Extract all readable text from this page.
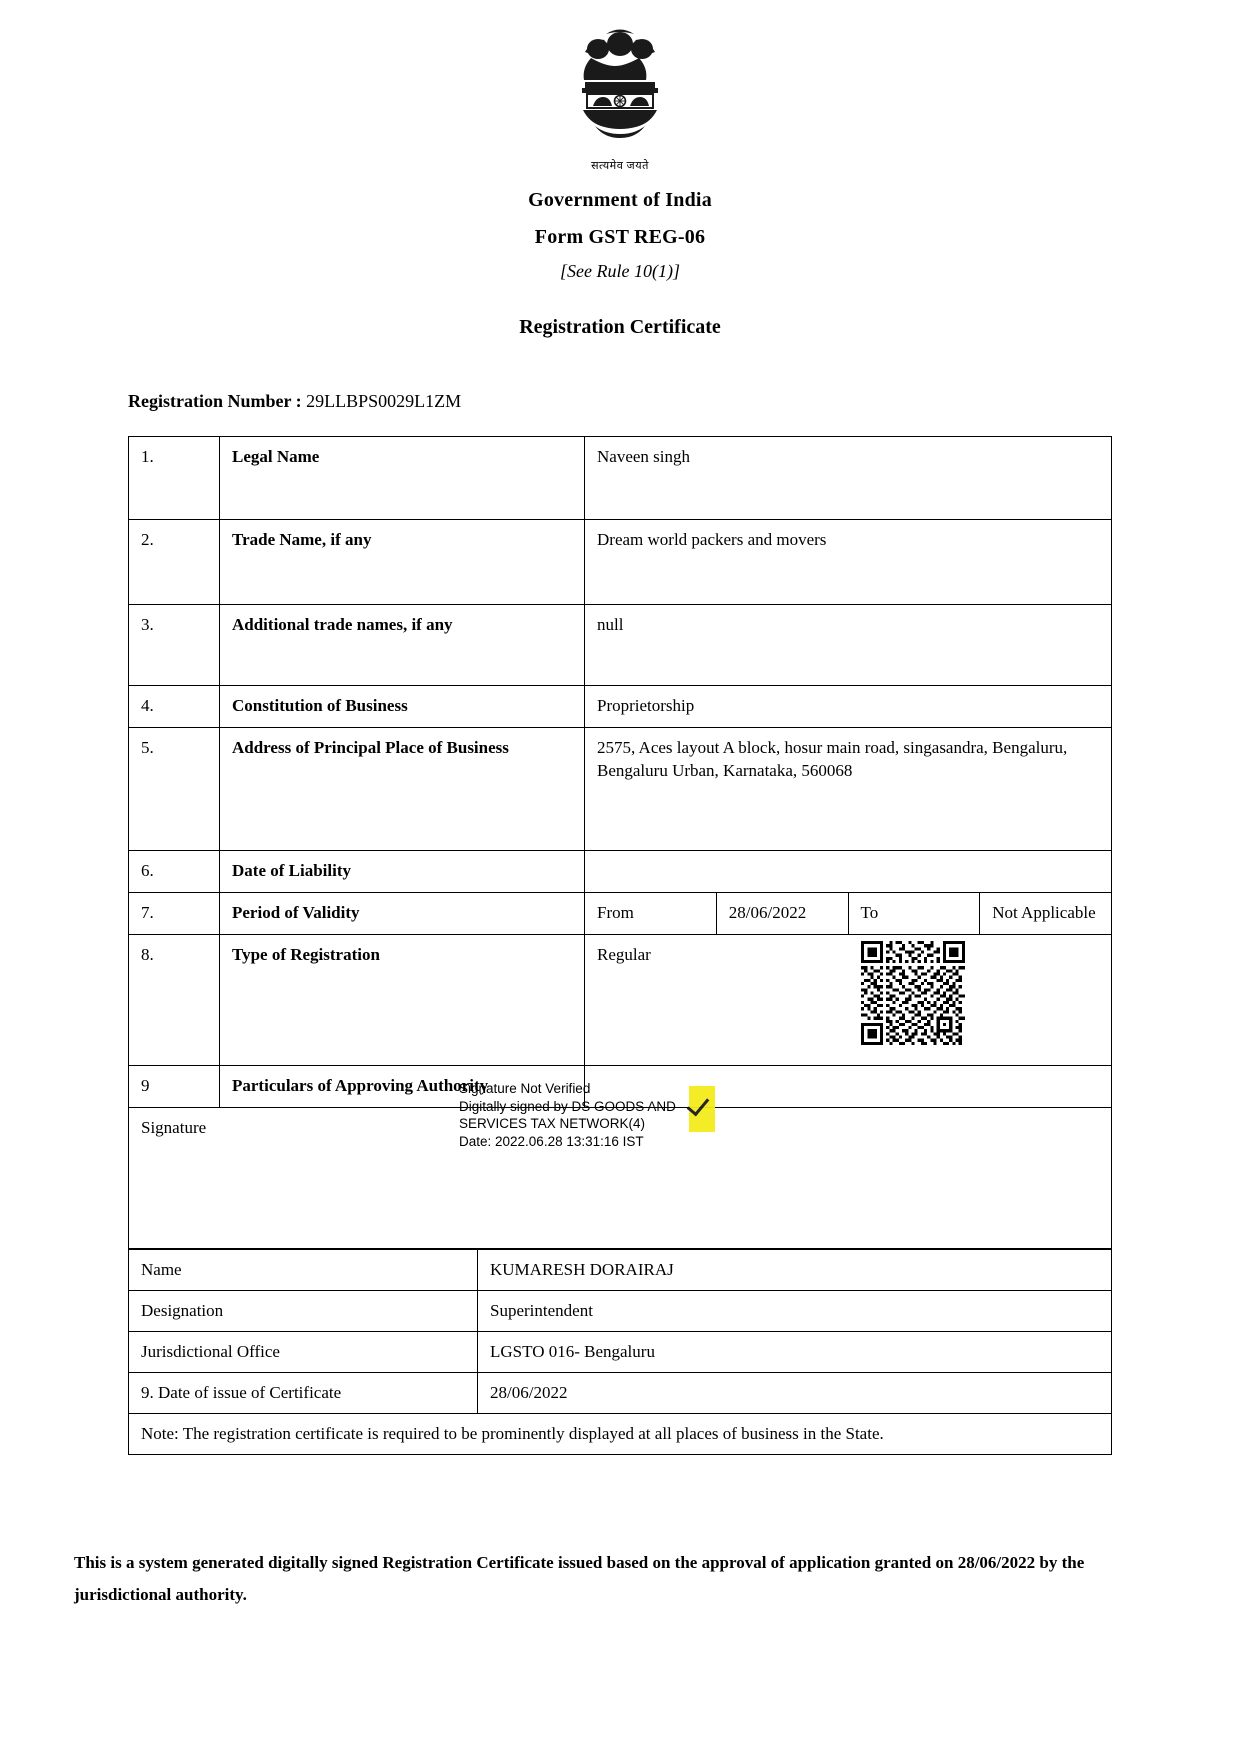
सत्यमेव जयते
Government of India
Form GST REG-06
[See Rule 10(1)]
Registration Certificate
Registration Number : 29LLBPS0029L1ZM
1.	Legal Name	Naveen singh			
2.	Trade Name, if any	Dream world packers and movers			
3.	Additional trade names, if any	null			
4.	Constitution of Business	Proprietorship			
5.	Address of Principal Place of Business	2575, Aces layout A block, hosur main road, singasandra, Bengaluru, Bengaluru Urban, Karnataka, 560068			
6.	Date of Liability				
7.	Period of Validity	From	28/06/2022	To	Not Applicable
8.	Type of Registration	Regular			

9	Particulars of Approving Authority				
Signature
Signature Not Verified
Digitally signed by DS GOODS AND
SERVICES TAX NETWORK(4)
Date: 2022.06.28 13:31:16 IST					
Name	KUMARESH DORAIRAJ
Designation	Superintendent
Jurisdictional Office	LGSTO 016- Bengaluru
9. Date of issue of Certificate	28/06/2022
Note: The registration certificate is required to be prominently displayed at all places of business in the State.	
This is a system generated digitally signed Registration Certificate issued based on the approval of application granted on 28/06/2022 by the jurisdictional authority.
